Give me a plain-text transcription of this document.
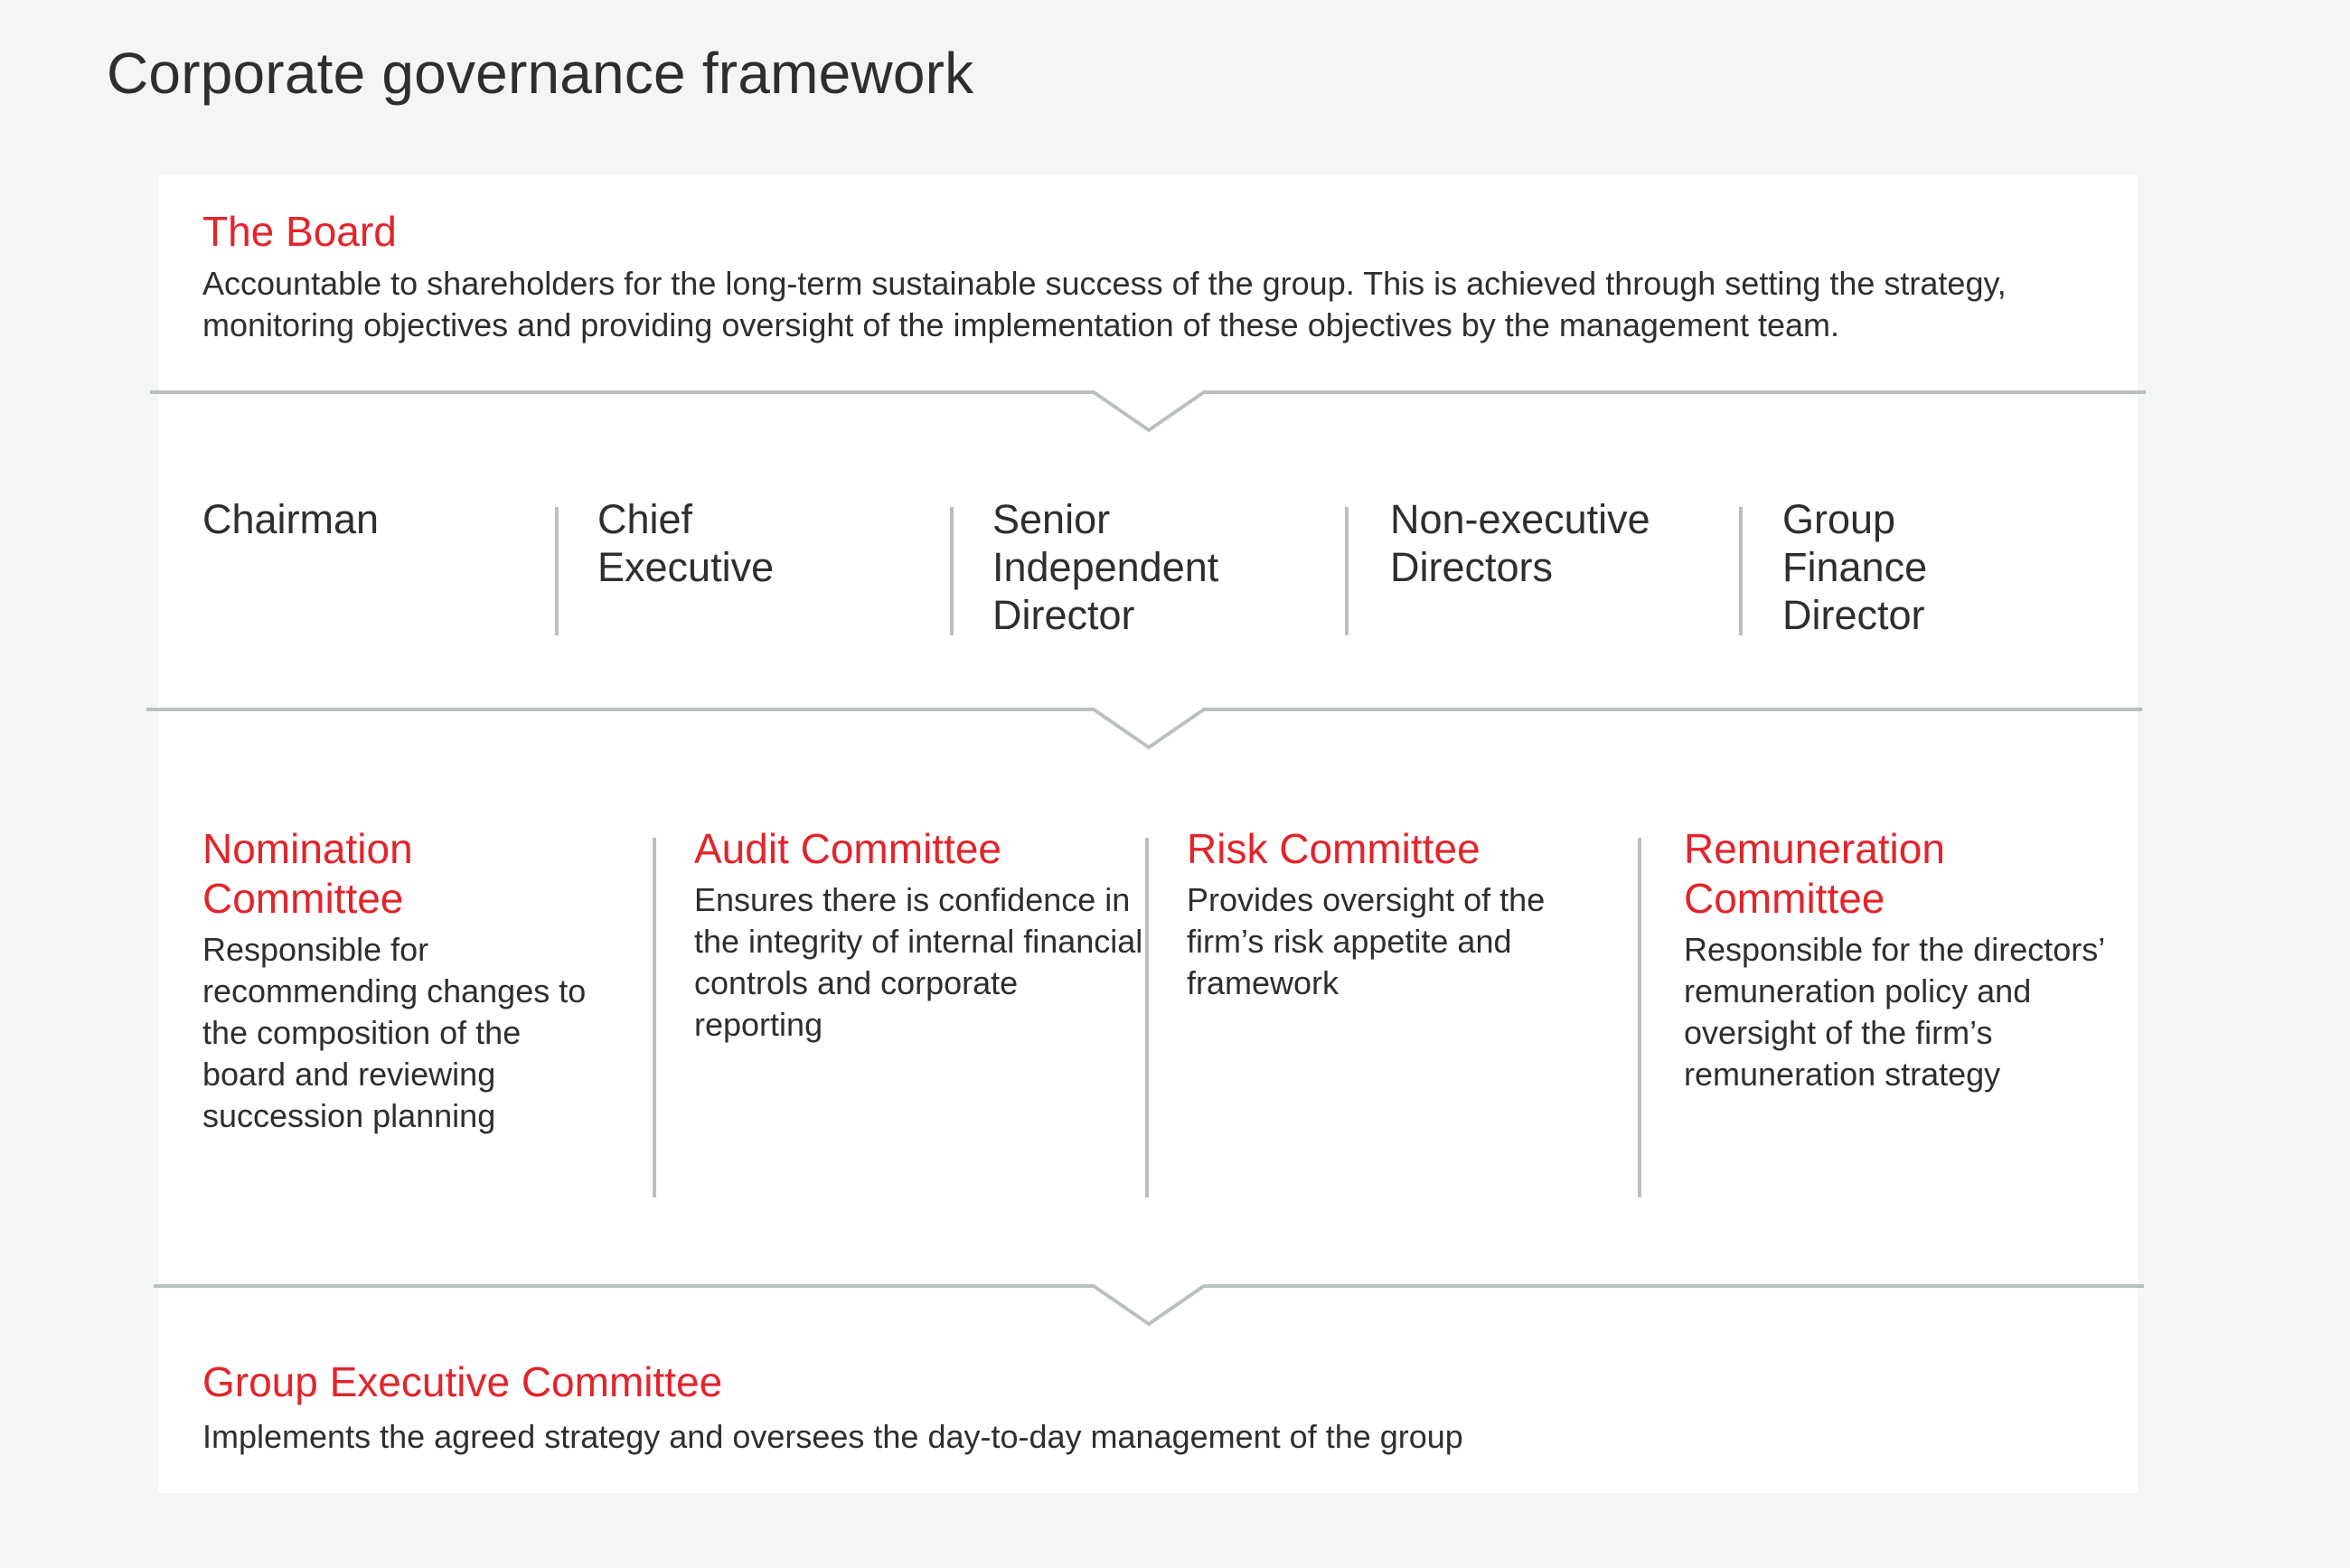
Corporate governance framework
The Board

Accountable to shareholders for the long-term sustainable success of the group. This is achieved through setting the strategy, monitoring objectives and providing oversight of the implementation of these objectives by the management team.

Chairman	Chief Executive
Senior Independent Director
Non-executive Directors
Group Finance Director
Nomination Committee

Responsible for recommending changes to the composition of the board and reviewing succession planning

Audit Committee

Ensures there is confidence in the integrity of internal financial controls and corporate reporting

Risk Committee

Provides oversight of the firm’s risk appetite and framework

Remuneration Committee

Responsible for the directors’ remuneration policy and oversight of the firm’s remuneration strategy

Group Executive Committee

Implements the agreed strategy and oversees the day-to-day management of the group
